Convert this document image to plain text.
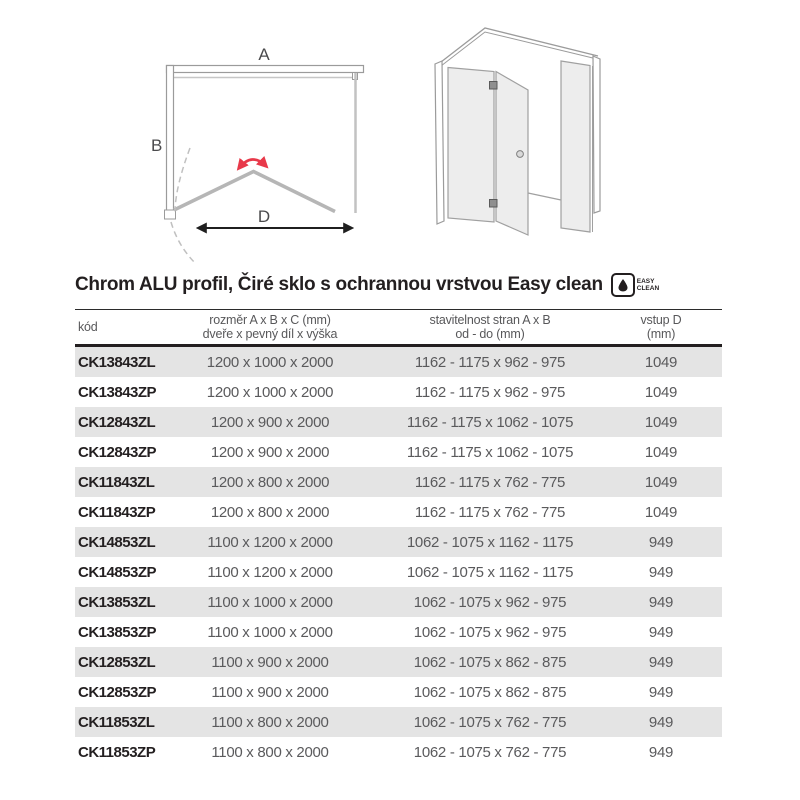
A
B
D
Chrom ALU profil, Čiré sklo s ochrannou vrstvou Easy clean	EASY
CLEAN
kód	rozměr A x B x C (mm)
dveře x pevný díl x výška
stavitelnost stran A x B
od - do (mm)
vstup D
(mm)
CK13843ZL	1200 x 1000 x 2000	1162 - 1175 x 962 - 975	1049
CK13843ZP	1200 x 1000 x 2000	1162 - 1175 x 962 - 975	1049
CK12843ZL	1200 x 900 x 2000	1162 - 1175 x 1062 - 1075	1049
CK12843ZP	1200 x 900 x 2000	1162 - 1175 x 1062 - 1075	1049
CK11843ZL	1200 x 800 x 2000	1162 - 1175 x 762 - 775	1049
CK11843ZP	1200 x 800 x 2000	1162 - 1175 x 762 - 775	1049
CK14853ZL	1100 x 1200 x 2000	1062 - 1075 x 1162 - 1175	949
CK14853ZP	1100 x 1200 x 2000	1062 - 1075 x 1162 - 1175	949
CK13853ZL	1100 x 1000 x 2000	1062 - 1075 x 962 - 975	949
CK13853ZP	1100 x 1000 x 2000	1062 - 1075 x 962 - 975	949
CK12853ZL	1100 x 900 x 2000	1062 - 1075 x 862 - 875	949
CK12853ZP	1100 x 900 x 2000	1062 - 1075 x 862 - 875	949
CK11853ZL	1100 x 800 x 2000	1062 - 1075 x 762 - 775	949
CK11853ZP	1100 x 800 x 2000	1062 - 1075 x 762 - 775	949
